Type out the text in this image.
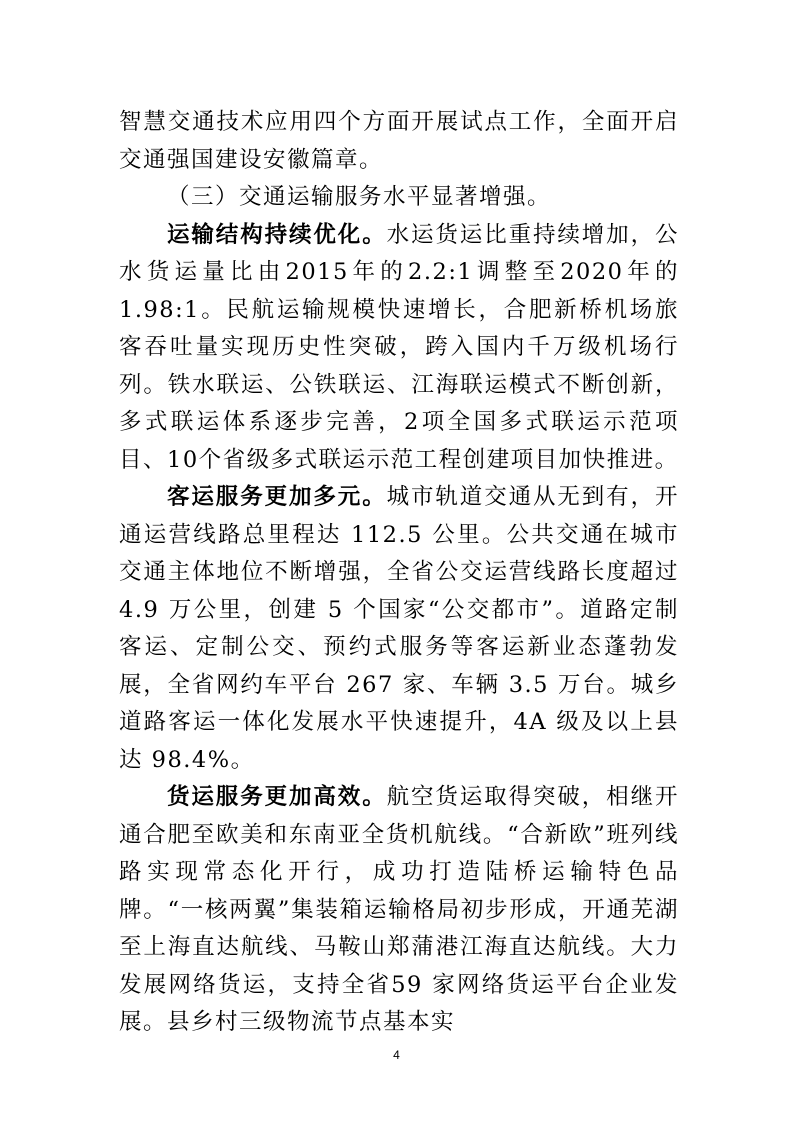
智慧交通技术应用四个方面开展试点工作，全面开启交通强国建设安徽篇章。

（三）交通运输服务水平显著增强。

运输结构持续优化。水运货运比重持续增加，公水货运量比由2015年的2.2:1调整至2020年的1.98:1。民航运输规模快速增长，合肥新桥机场旅客吞吐量实现历史性突破，跨入国内千万级机场行列。铁水联运、公铁联运、江海联运模式不断创新，多式联运体系逐步完善，2项全国多式联运示范项目、10个省级多式联运示范工程创建项目加快推进。

客运服务更加多元。城市轨道交通从无到有，开通运营线路总里程达 112.5 公里。公共交通在城市交通主体地位不断增强，全省公交运营线路长度超过 4.9 万公里，创建 5 个国家“公交都市”。道路定制客运、定制公交、预约式服务等客运新业态蓬勃发展，全省网约车平台 267 家、车辆 3.5 万台。城乡道路客运一体化发展水平快速提升，4A 级及以上县达 98.4%。

货运服务更加高效。航空货运取得突破，相继开通合肥至欧美和东南亚全货机航线。“合新欧”班列线路实现常态化开行，成功打造陆桥运输特色品牌。“一核两翼”集装箱运输格局初步形成，开通芜湖至上海直达航线、马鞍山郑蒲港江海直达航线。大力发展网络货运，支持全省59 家网络货运平台企业发展。县乡村三级物流节点基本实

4
